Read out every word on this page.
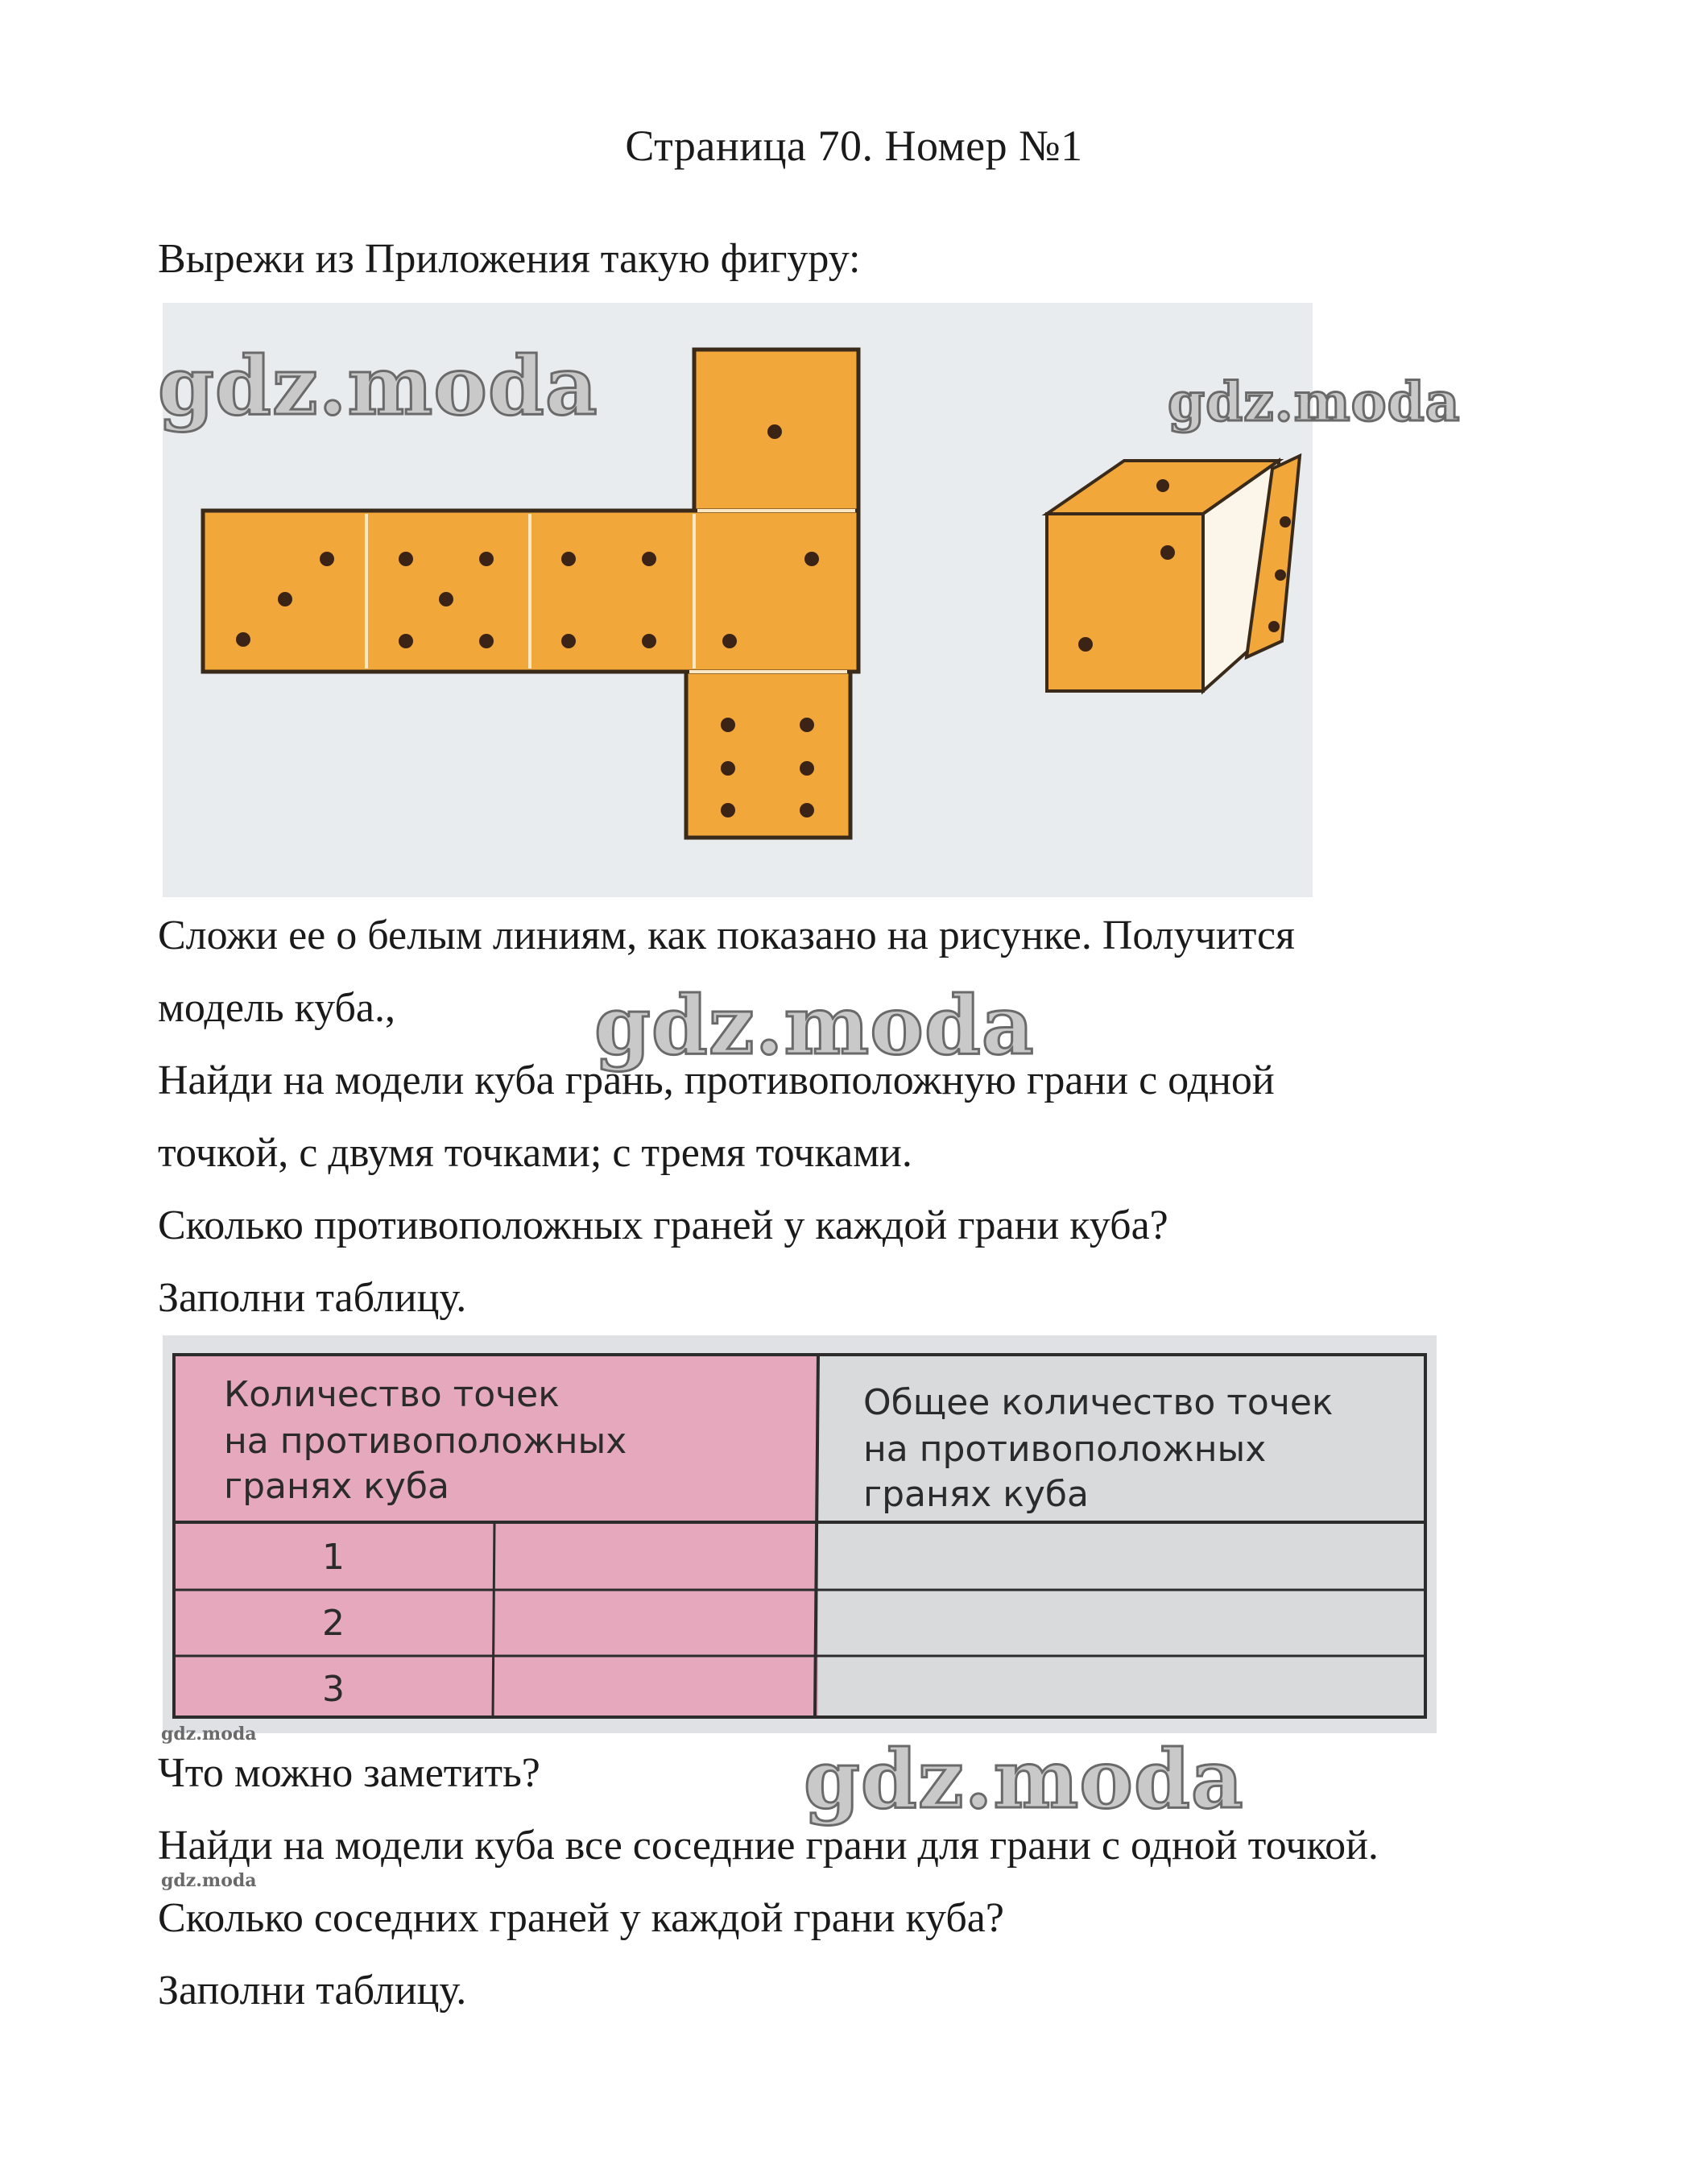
Страница 70. Номер №1
Вырежи из Приложения такую фигуру:
Сложи ее о белым линиям, как показано на рисунке. Получится
модель куба.,
Найди на модели куба грань, противоположную грани с одной
точкой, с двумя точками; с тремя точками.
Сколько противоположных граней у каждой грани куба?
Заполни таблицу.
Количество точек
на противоположных
гранях куба
Общее количество точек
на противоположных
гранях куба
1
2
3
Что можно заметить?
Найди на модели куба все соседние грани для грани с одной точкой.
Сколько соседних граней у каждой грани куба?
Заполни таблицу.
gdz.moda	gdz.moda
gdz.moda
gdz.moda
gdz.moda
gdz.moda
